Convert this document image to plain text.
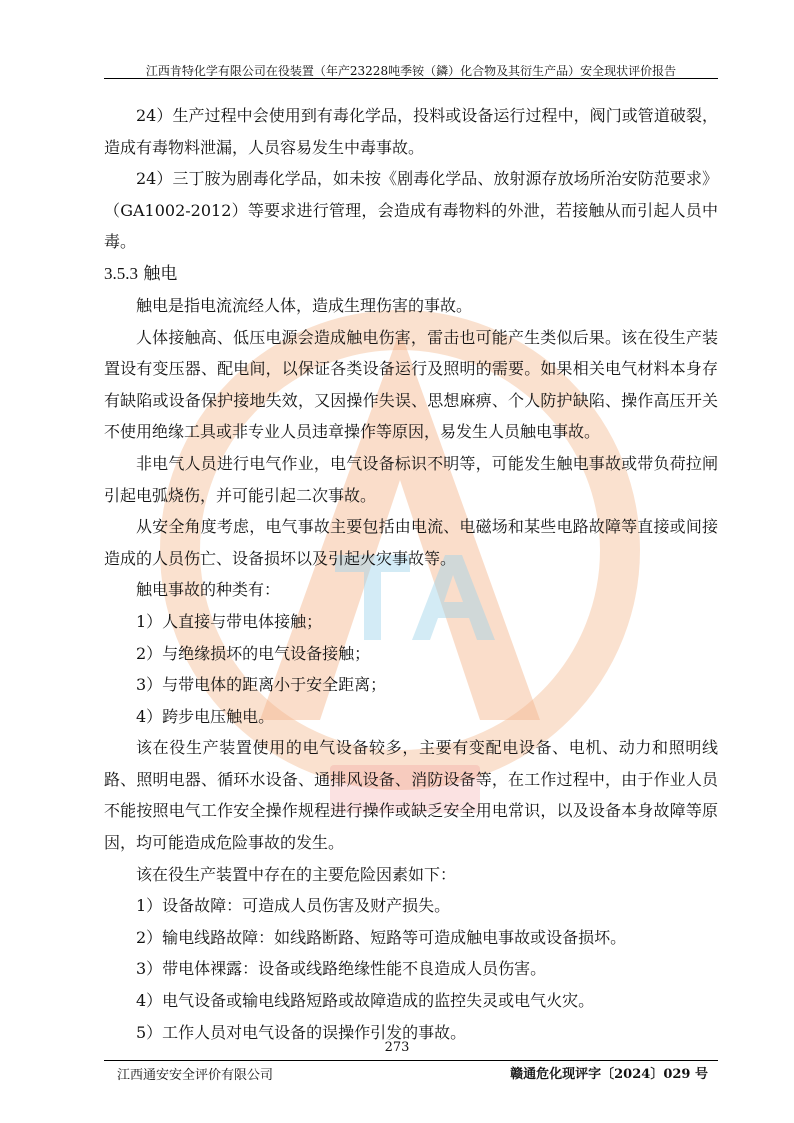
江西肯特化学有限公司在役装置（年产23228吨季铵（鏻）化合物及其衍生产品）安全现状评价报告

24）生产过程中会使用到有毒化学品，投料或设备运行过程中，阀门或管道破裂，造成有毒物料泄漏，人员容易发生中毒事故。

24）三丁胺为剧毒化学品，如未按《剧毒化学品、放射源存放场所治安防范要求》（GA1002-2012）等要求进行管理，会造成有毒物料的外泄，若接触从而引起人员中毒。

3.5.3 触电

触电是指电流流经人体，造成生理伤害的事故。

人体接触高、低压电源会造成触电伤害，雷击也可能产生类似后果。该在役生产装置设有变压器、配电间，以保证各类设备运行及照明的需要。如果相关电气材料本身存有缺陷或设备保护接地失效，又因操作失误、思想麻痹、个人防护缺陷、操作高压开关不使用绝缘工具或非专业人员违章操作等原因，易发生人员触电事故。

非电气人员进行电气作业，电气设备标识不明等，可能发生触电事故或带负荷拉闸引起电弧烧伤，并可能引起二次事故。

从安全角度考虑，电气事故主要包括由电流、电磁场和某些电路故障等直接或间接造成的人员伤亡、设备损坏以及引起火灾事故等。

触电事故的种类有：

1）人直接与带电体接触；

2）与绝缘损坏的电气设备接触；

3）与带电体的距离小于安全距离；

4）跨步电压触电。

该在役生产装置使用的电气设备较多，主要有变配电设备、电机、动力和照明线路、照明电器、循环水设备、通排风设备、消防设备等，在工作过程中，由于作业人员不能按照电气工作安全操作规程进行操作或缺乏安全用电常识，以及设备本身故障等原因，均可能造成危险事故的发生。

该在役生产装置中存在的主要危险因素如下：

1）设备故障：可造成人员伤害及财产损失。

2）输电线路故障：如线路断路、短路等可造成触电事故或设备损坏。

3）带电体裸露：设备或线路绝缘性能不良造成人员伤害。

4）电气设备或输电线路短路或故障造成的监控失灵或电气火灾。

5）工作人员对电气设备的误操作引发的事故。

273
江西通安安全评价有限公司	赣通危化现评字〔2024〕029 号
